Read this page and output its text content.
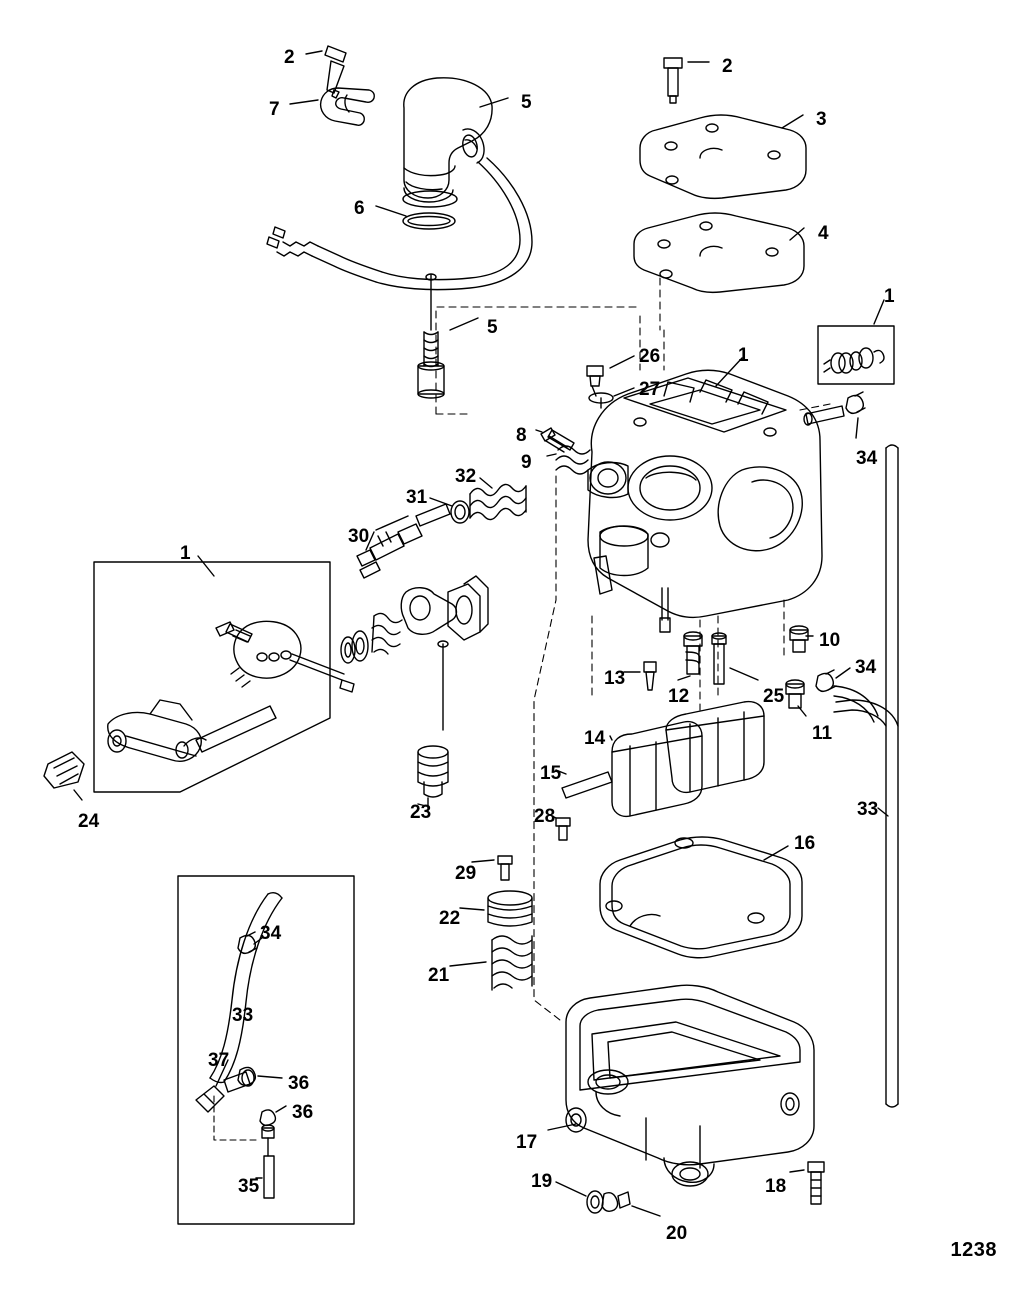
2
7	5
2
3
4
6
5
1
26	1
27
8
34
9
32
31
30
1
10
34
13
12	25
11
14
15
24	23	28	33
16
29
22
34
21
33
37
36
36
17
35	18
19
20
1238
